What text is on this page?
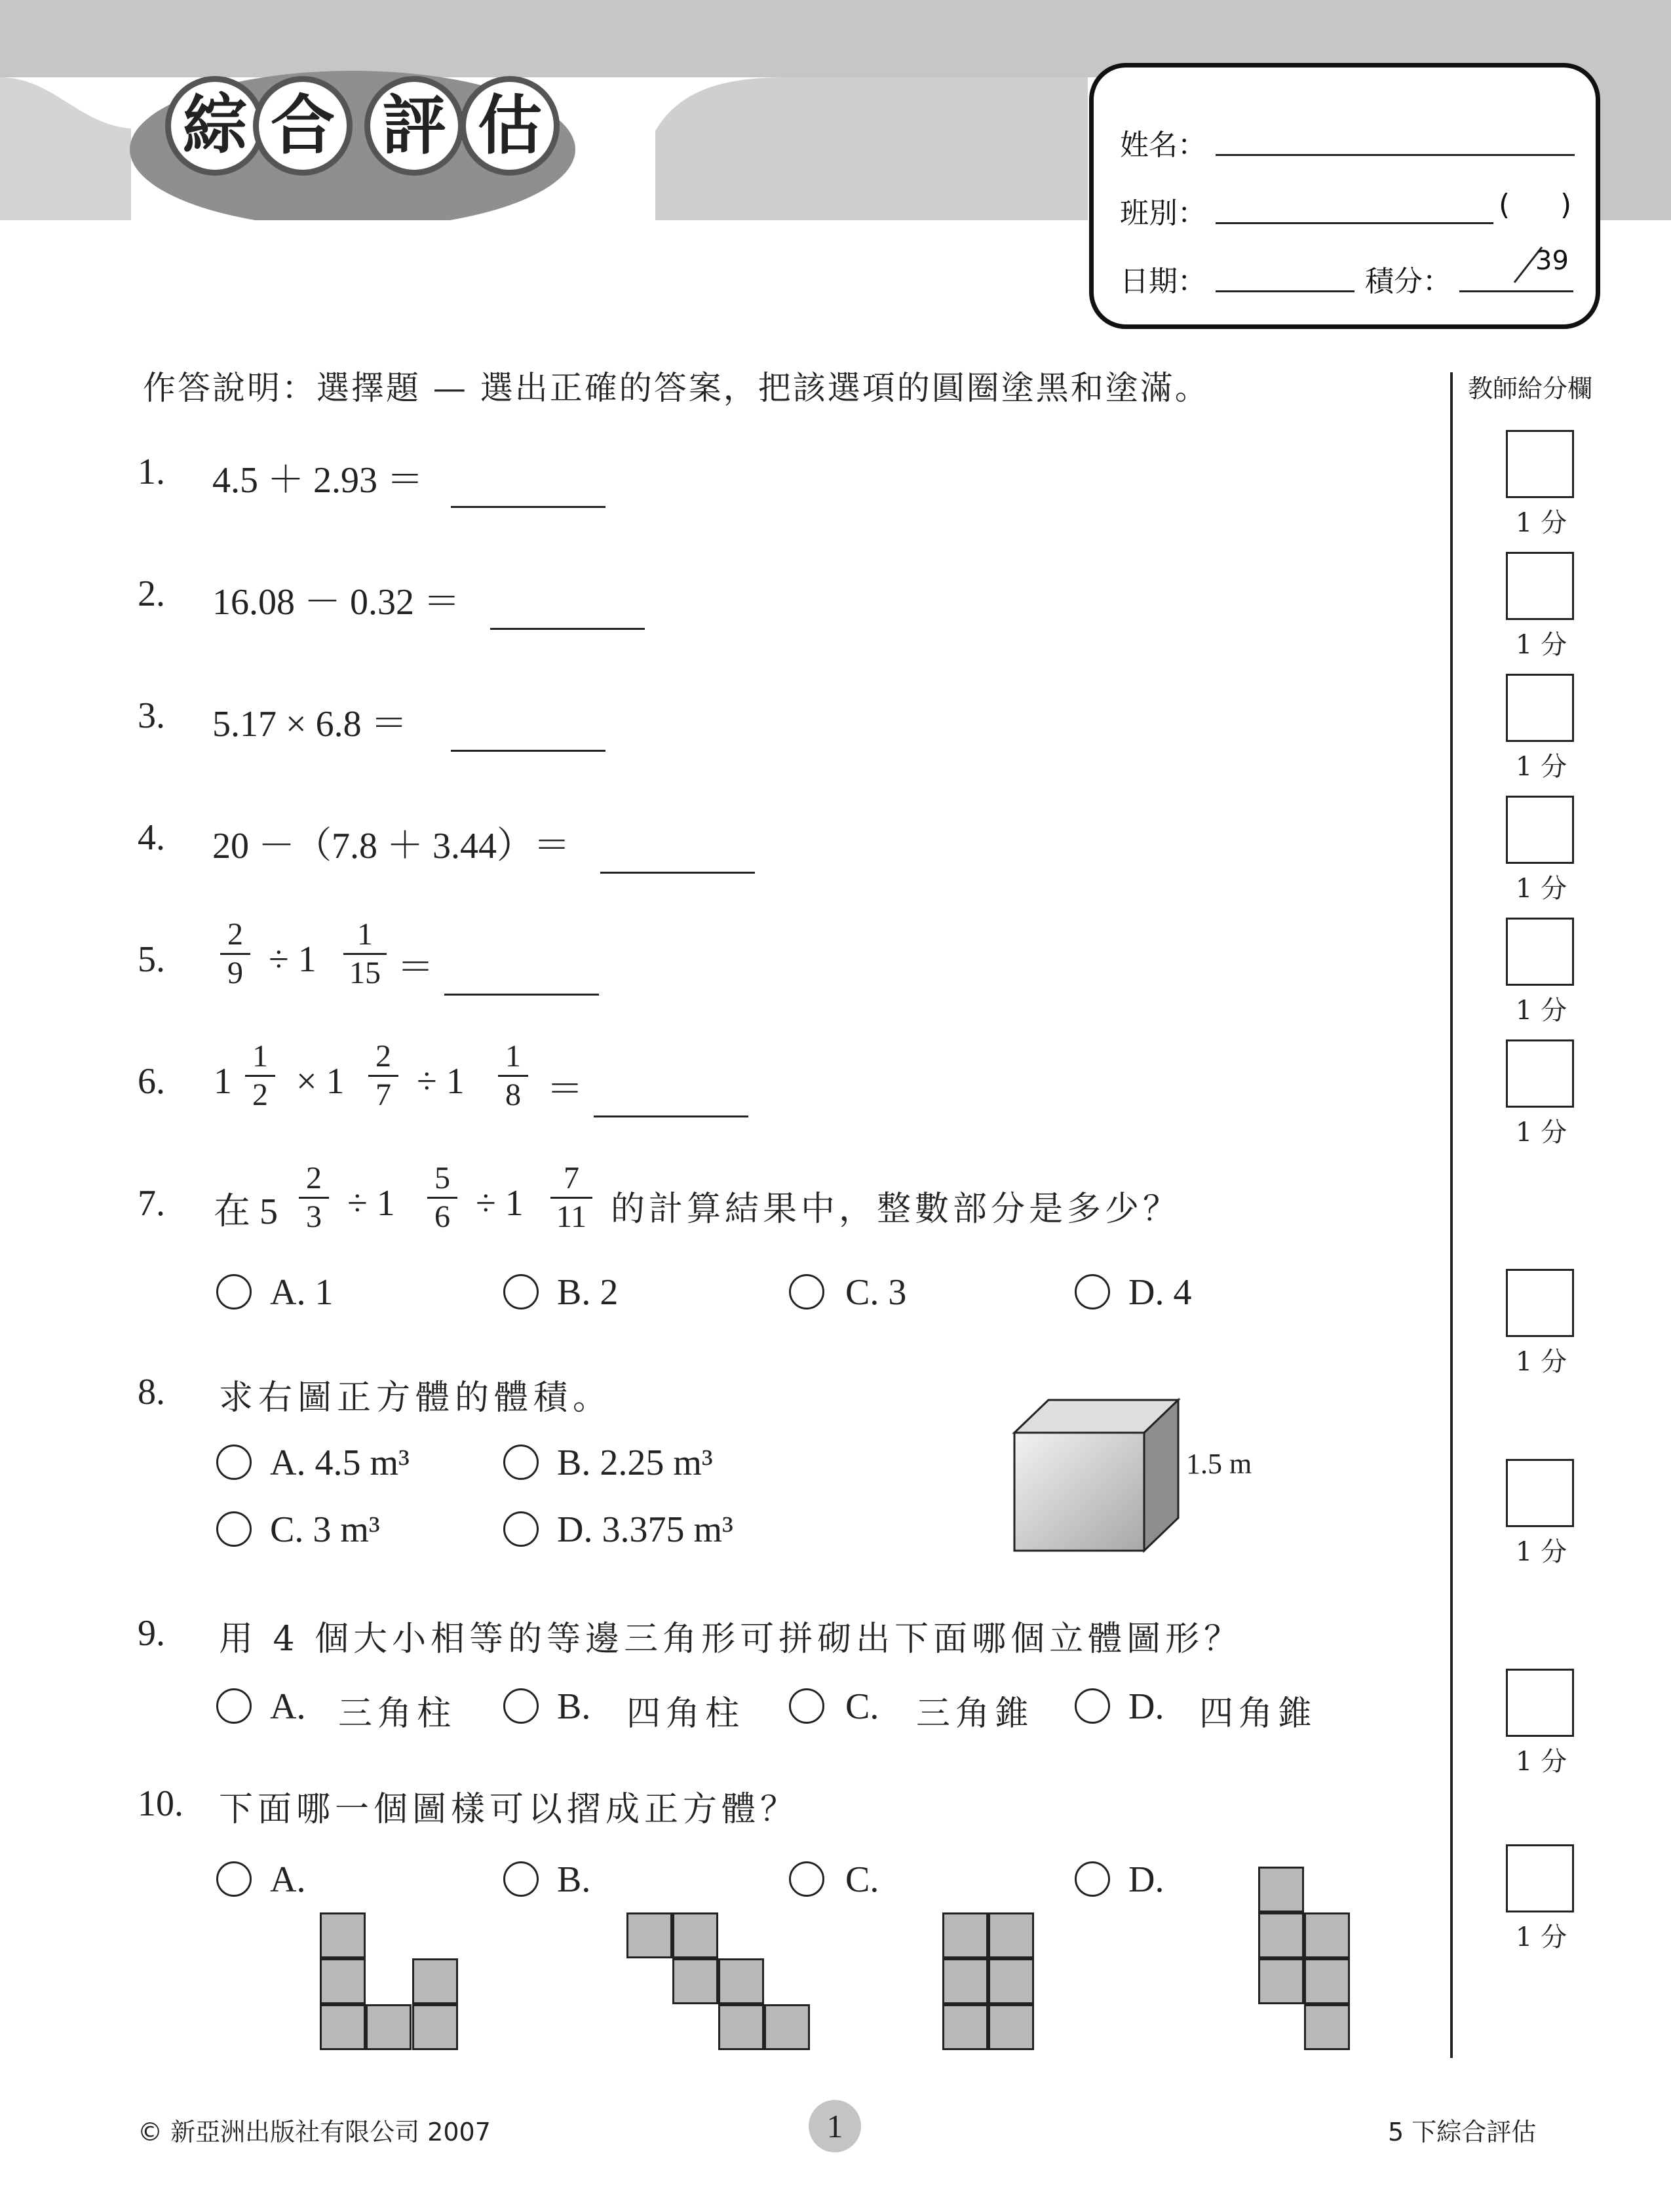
綜 合 評 估	姓名：
班別：	( )
日期：	積分：
39
作答說明：選擇題 — 選出正確的答案，把該選項的圓圈塗黑和塗滿。	教師給分欄
1 分
1 分
1 分
1 分
1 分
1 分
1 分
1 分
1 分
1 分
1. 4.5 ＋ 2.93 ＝
2. 16.08 － 0.32 ＝
3. 5.17 × 6.8 ＝
4. 20 －（7.8 ＋ 3.44）＝
5.
2
9 ÷ 1
1
15 ＝
6. 1
1
2 × 1
2
7 ÷ 1
1
8 ＝
7. 在 5
2
3 ÷ 1
5
6 ÷ 1
7
11 的計算結果中，整數部分是多少？
A. 1	B. 2	C. 3	D. 4
8. 求右圖正方體的體積。
A. 4.5 m³	B. 2.25 m³
C. 3 m³	D. 3.375 m³
1.5 m
9. 用 4 個大小相等的等邊三角形可拼砌出下面哪個立體圖形？
A. 三角柱	B. 四角柱	C. 三角錐	D. 四角錐
10. 下面哪一個圖樣可以摺成正方體？
A.	B.	C.	D.
© 新亞洲出版社有限公司 2007	1	5 下綜合評估
